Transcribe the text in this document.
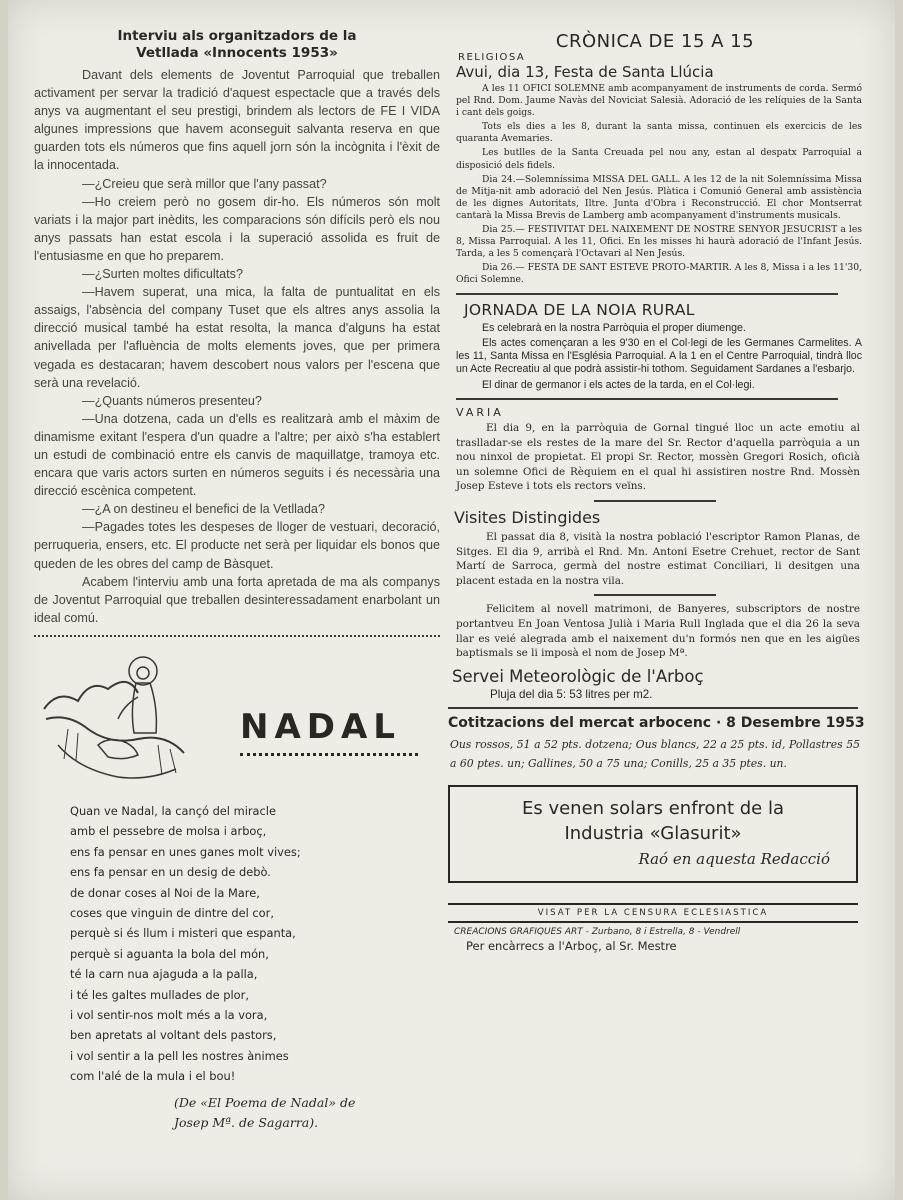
Interviu als organitzadors de la
Vetllada «Innocents 1953»

Davant dels elements de Joventut Parroquial que treballen activament per servar la tradició d'aquest espectacle que a través dels anys va augmentant el seu prestigi, brindem als lectors de FE I VIDA algunes impressions que havem aconseguit salvanta reserva en que guarden tots els números que fins aquell jorn són la incògnita i l'èxit de la innocentada.

—¿Creieu que serà millor que l'any passat?

—Ho creiem però no gosem dir-ho. Els números són molt variats i la major part inèdits, les comparacions són difícils però els nou anys passats han estat escola i la superació assolida es fruit de l'entusiasme en que ho preparem.

—¿Surten moltes dificultats?

—Havem superat, una mica, la falta de puntualitat en els assaigs, l'absència del company Tuset que els altres anys assolia la direcció musical també ha estat resolta, la manca d'alguns ha estat anivellada per l'afluència de molts elements joves, que per primera vegada es destacaran; havem descobert nous valors per l'escena que serà una revelació.

—¿Quants números presenteu?

—Una dotzena, cada un d'ells es realitzarà amb el màxim de dinamisme exitant l'espera d'un quadre a l'altre; per això s'ha establert un estudi de combinació entre els canvis de maquillatge, tramoya etc. encara que varis actors surten en números seguits i és necessària una direcció escènica competent.

—¿A on destineu el benefici de la Vetllada?

—Pagades totes les despeses de lloger de vestuari, decoració, perruqueria, ensers, etc. El producte net serà per liquidar els bonos que queden de les obres del camp de Bàsquet.

Acabem l'interviu amb una forta apretada de ma als companys de Joventut Parroquial que treballen desinteressadament enarbolant un ideal comú.

NADAL
Quan ve Nadal, la cançó del miracle
amb el pessebre de molsa i arboç,
ens fa pensar en unes ganes molt vives;
ens fa pensar en un desig de debò.
de donar coses al Noi de la Mare,
coses que vinguin de dintre del cor,
perquè si és llum i misteri que espanta,
perquè si aguanta la bola del món,
té la carn nua ajaguda a la palla,
i té les galtes mullades de plor,
i vol sentir-nos molt més a la vora,
ben apretats al voltant dels pastors,
i vol sentir a la pell les nostres ànimes
com l'alé de la mula i el bou!
(De «El Poema de Nadal» de
Josep Mª. de Sagarra).
CRÒNICA DE 15 A 15
RELIGIOSA
Avui, dia 13, Festa de Santa Llúcia

A les 11 OFICI SOLEMNE amb acompanyament de instruments de corda. Sermó pel Rnd. Dom. Jaume Navàs del Noviciat Salesià. Adoració de les relíquies de la Santa i cant dels goigs.

Tots els dies a les 8, durant la santa missa, continuen els exercicis de les quaranta Avemaries.

Les butlles de la Santa Creuada pel nou any, estan al despatx Parroquial a disposició dels fidels.

Dia 24.—Solemníssima MISSA DEL GALL. A les 12 de la nit Solemníssima Missa de Mitja-nit amb adoració del Nen Jesús. Plàtica i Comunió General amb assistència de les dignes Autoritats, Iltre. Junta d'Obra i Reconstrucció. El chor Montserrat cantarà la Missa Brevis de Lamberg amb acompanyament d'instruments musicals.

Dia 25.— FESTIVITAT DEL NAIXEMENT DE NOSTRE SENYOR JESUCRIST a les 8, Missa Parroquial. A les 11, Ofici. En les misses hi haurà adoració de l'Infant Jesús. Tarda, a les 5 començarà l'Octavari al Nen Jesús.

Dia 26.— FESTA DE SANT ESTEVE PROTO-MARTIR. A les 8, Missa i a les 11'30, Ofici Solemne.

JORNADA DE LA NOIA RURAL

Es celebrarà en la nostra Parròquia el proper diumenge.

Els actes començaran a les 9'30 en el Col·legi de les Germanes Carmelites. A les 11, Santa Missa en l'Església Parroquial. A la 1 en el Centre Parroquial, tindrà lloc un Acte Recreatiu al que podrà assistir-hi tothom. Seguidament Sardanes a l'esbarjo.

El dinar de germanor i els actes de la tarda, en el Col·legi.

VARIA

El dia 9, en la parròquia de Gornal tingué lloc un acte emotiu al traslladar-se els restes de la mare del Sr. Rector d'aquella parròquia a un nou ninxol de propietat. El propi Sr. Rector, mossèn Gregori Rosich, oficià un solemne Ofici de Rèquiem en el qual hi assistiren nostre Rnd. Mossèn Josep Esteve i tots els rectors veïns.

Visites Distingides

El passat dia 8, visità la nostra població l'escriptor Ramon Planas, de Sitges. El dia 9, arribà el Rnd. Mn. Antoni Esetre Crehuet, rector de Sant Martí de Sarroca, germà del nostre estimat Conciliari, li desitgen una placent estada en la nostra vila.

Felicitem al novell matrimoni, de Banyeres, subscriptors de nostre portantveu En Joan Ventosa Julià i Maria Rull Inglada que el dia 26 la seva llar es veié alegrada amb el naixement du'n formós nen que en les aigües baptismals se li imposà el nom de Josep Mª.

Servei Meteorològic de l'Arboç
Pluja del dia 5: 53 litres per m2.
Cotitzacions del mercat arbocenc · 8 Desembre 1953

Ous rossos, 51 a 52 pts. dotzena; Ous blancs, 22 a 25 pts. id, Pollastres 55 a 60 ptes. un; Gallines, 50 a 75 una; Conills, 25 a 35 ptes. un.

Es venen solars enfront de la
Industria «Glasurit»
Raó en aquesta Redacció
VISAT PER LA CENSURA ECLESIASTICA
CREACIONS GRAFIQUES ART - Zurbano, 8 i Estrella, 8 - Vendrell
Per encàrrecs a l'Arboç, al Sr. Mestre
